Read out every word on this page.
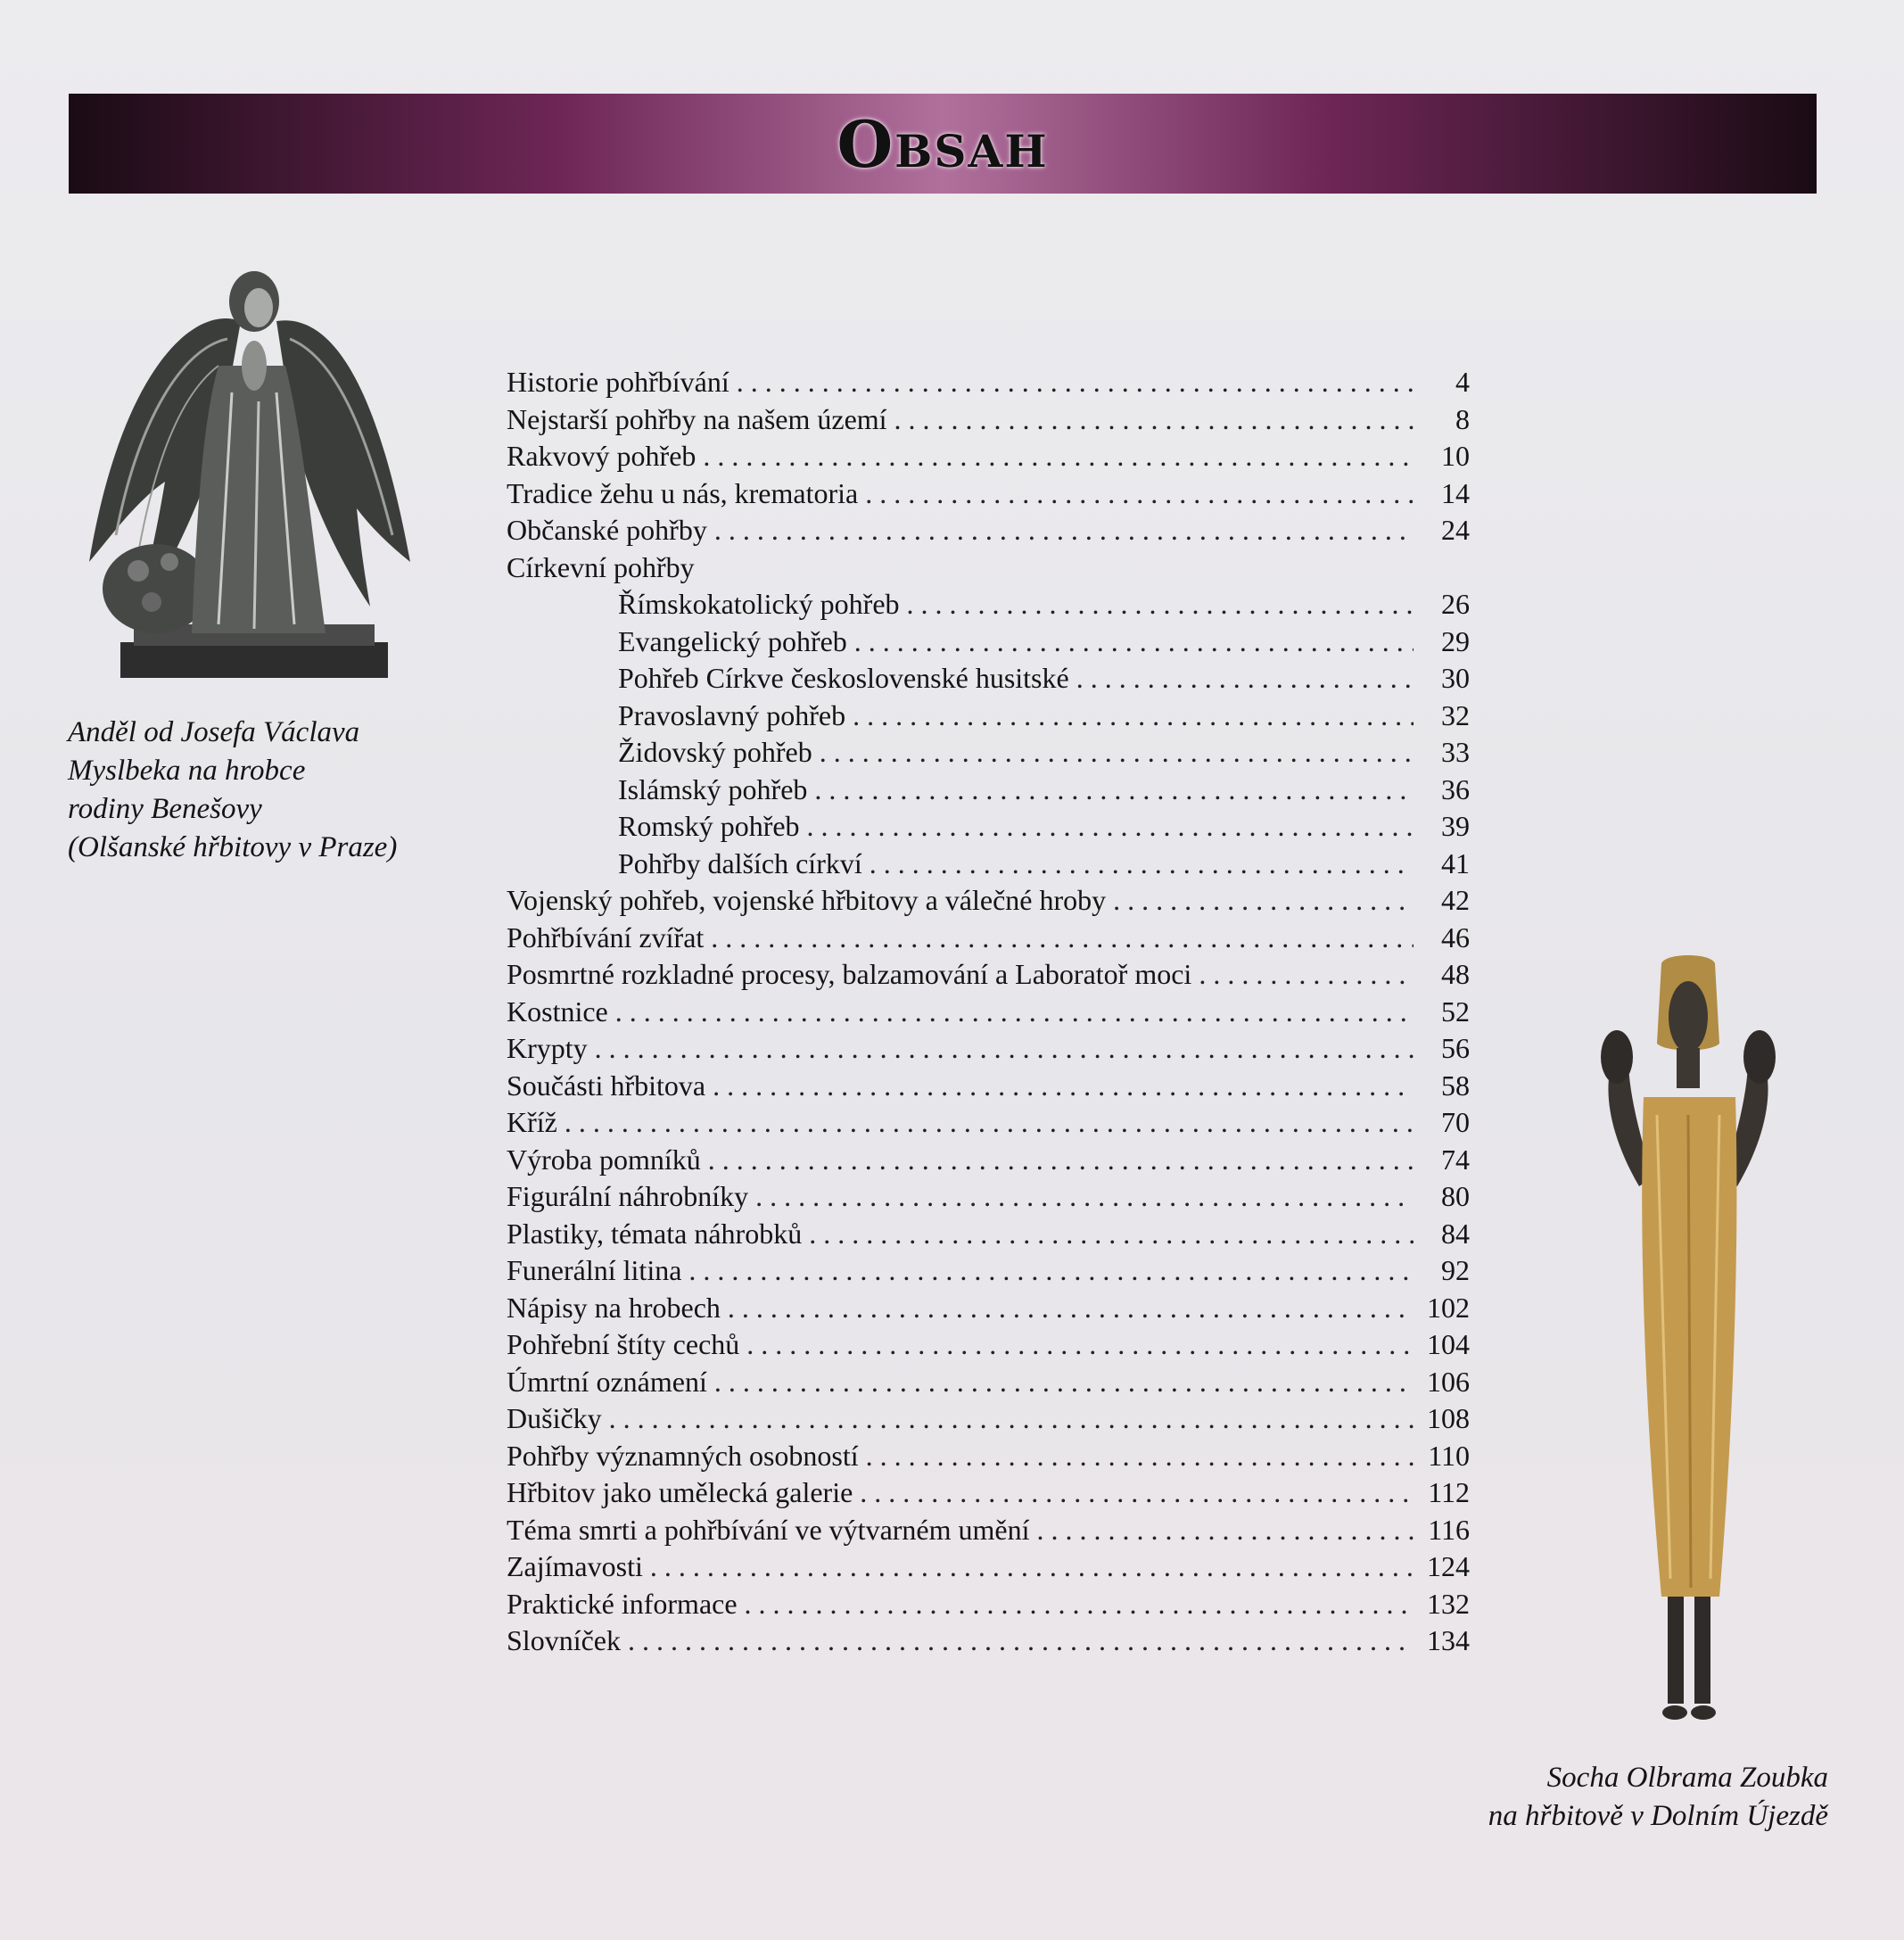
Obsah
Anděl od Josefa Václava
Myslbeka na hrobce
rodiny Benešovy
(Olšanské hřbitovy v Praze)
Historie pohřbívání . . .	4
Nejstarší pohřby na našem území . . .	8
Rakvový pohřeb . . .	10
Tradice žehu u nás, krematoria . . .	14
Občanské pohřby . . .	24
Církevní pohřby
Římskokatolický pohřeb . . .	26
Evangelický pohřeb . . .	29
Pohřeb Církve československé husitské . . .	30
Pravoslavný pohřeb . . .	32
Židovský pohřeb . . .	33
Islámský pohřeb . . .	36
Romský pohřeb . . .	39
Pohřby dalších církví . . .	41
Vojenský pohřeb, vojenské hřbitovy a válečné hroby . . .	42
Pohřbívání zvířat . . .	46
Posmrtné rozkladné procesy, balzamování a Laboratoř moci . . .	48
Kostnice . . .	52
Krypty . . .	56
Součásti hřbitova . . .	58
Kříž . . .	70
Výroba pomníků . . .	74
Figurální náhrobníky . . .	80
Plastiky, témata náhrobků . . .	84
Funerální litina . . .	92
Nápisy na hrobech . . .	102
Pohřební štíty cechů . . .	104
Úmrtní oznámení . . .	106
Dušičky . . .	108
Pohřby významných osobností . . .	110
Hřbitov jako umělecká galerie . . .	112
Téma smrti a pohřbívání ve výtvarném umění . . .	116
Zajímavosti . . .	124
Praktické informace . . .	132
Slovníček . . .	134
Socha Olbrama Zoubka
na hřbitově v Dolním Újezdě
